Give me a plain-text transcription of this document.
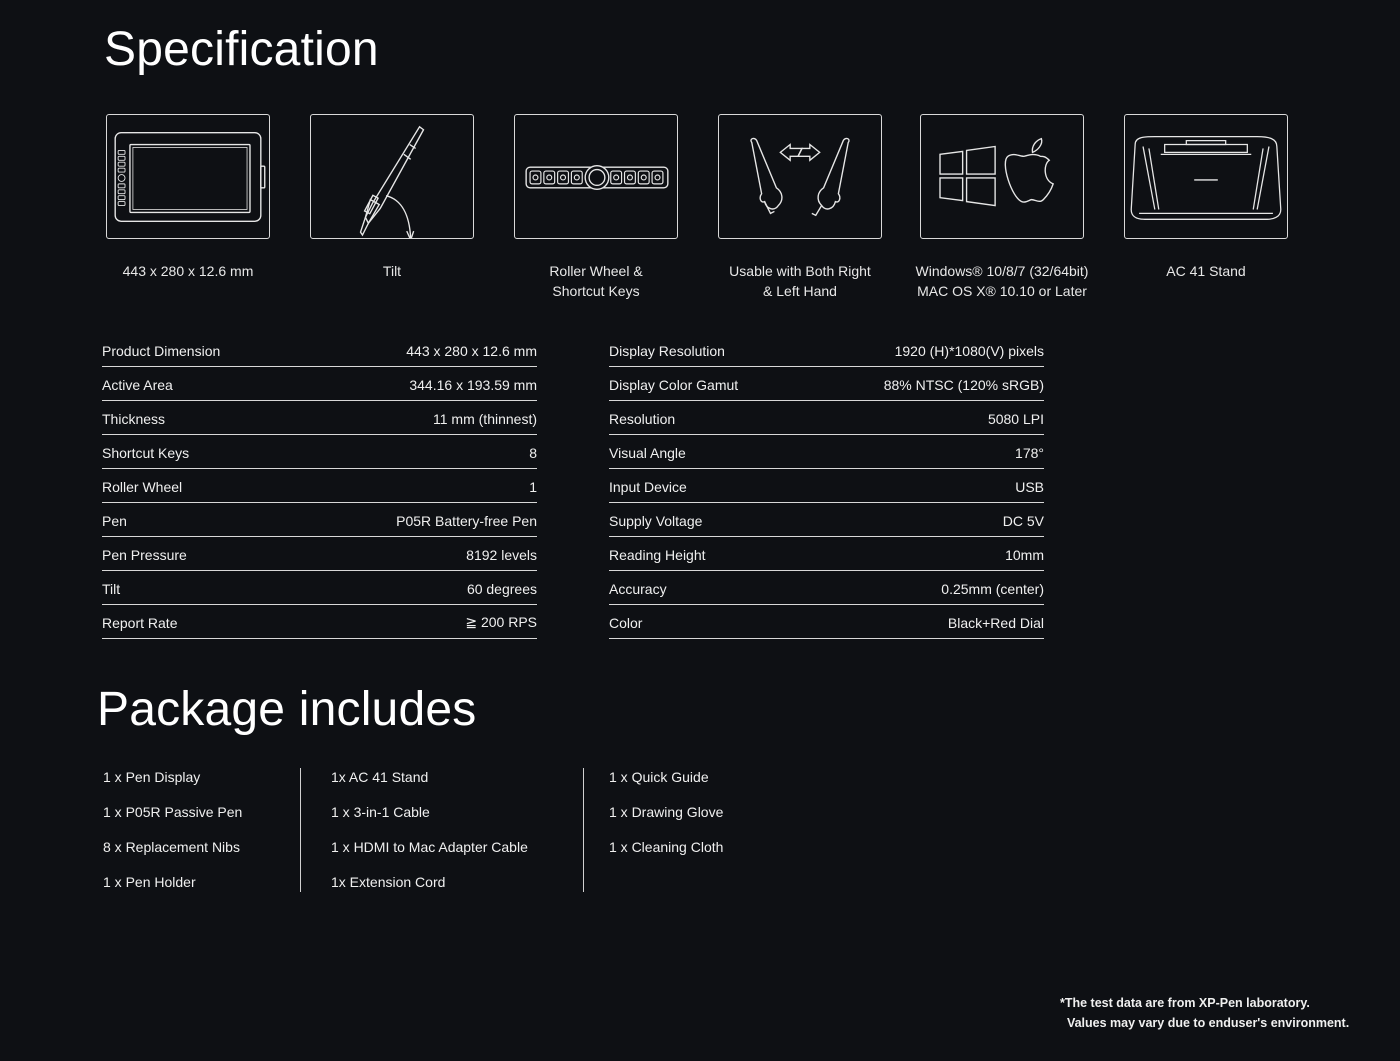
Specification
443 x 280 x 12.6 mm	Tilt	Roller Wheel &
Shortcut Keys
Usable with Both Right
& Left Hand
Windows® 10/8/7 (32/64bit)
MAC OS X® 10.10 or Later
AC 41 Stand
Product Dimension	443 x 280 x 12.6 mm
Active Area	344.16 x 193.59 mm
Thickness	11 mm (thinnest)
Shortcut Keys	8
Roller Wheel	1
Pen	P05R Battery-free Pen
Pen Pressure	8192 levels
Tilt	60 degrees
Report Rate	≧ 200 RPS
Display Resolution	1920 (H)*1080(V) pixels
Display Color Gamut	88% NTSC (120% sRGB)
Resolution	5080 LPI
Visual Angle	178°
Input Device	USB
Supply Voltage	DC 5V
Reading Height	10mm
Accuracy	0.25mm (center)
Color	Black+Red Dial
Package includes
1 x Pen Display
1 x P05R Passive Pen
8 x Replacement Nibs
1 x Pen Holder
1x AC 41 Stand
1 x 3-in-1 Cable
1 x HDMI to Mac Adapter Cable
1x Extension Cord
1 x Quick Guide
1 x Drawing Glove
1 x Cleaning Cloth
*The test data are from XP-Pen laboratory.
Values may vary due to enduser's environment.
